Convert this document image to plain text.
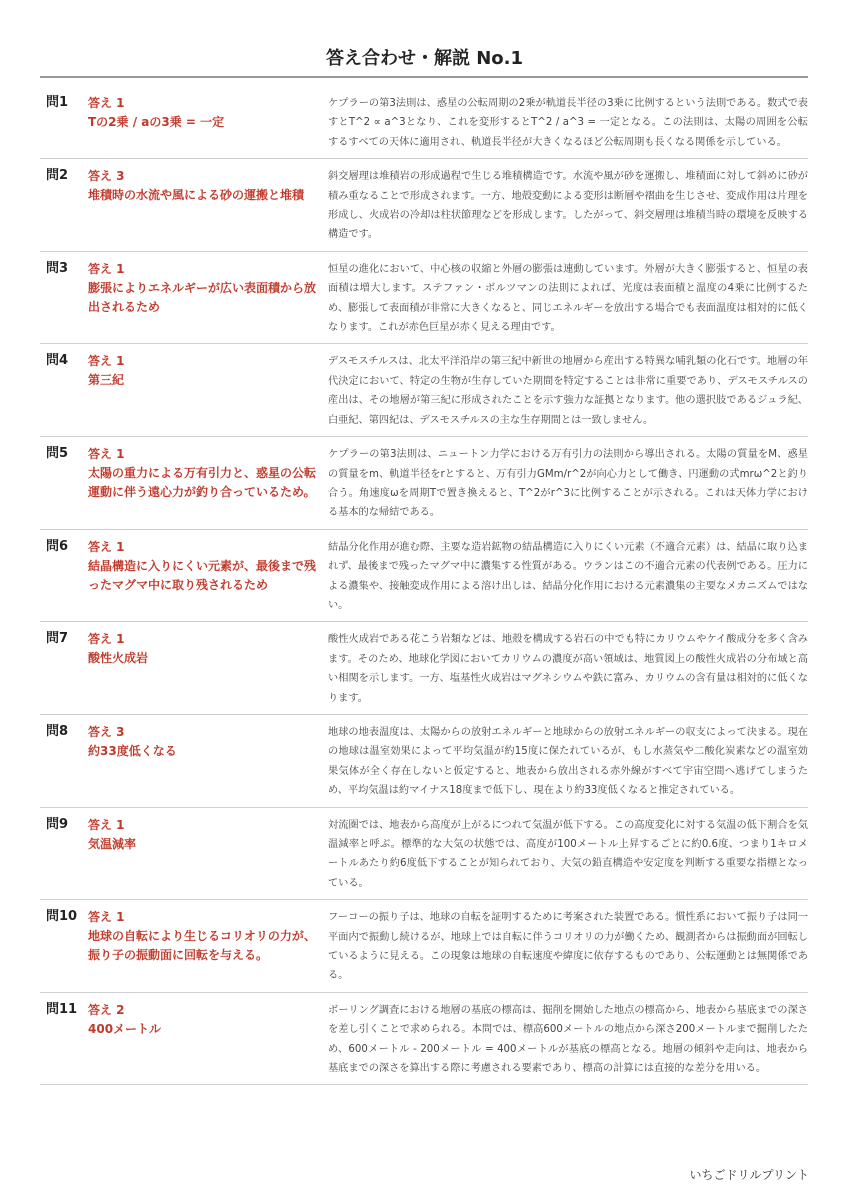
答え合わせ・解説 No.1
問1	答え 1
Tの2乗 / aの3乗 = 一定
ケプラーの第3法則は、惑星の公転周期の2乗が軌道長半径の3乗に比例するという法則である。数式で表すとT^2 ∝ a^3となり、これを変形するとT^2 / a^3 = 一定となる。この法則は、太陽の周囲を公転するすべての天体に適用され、軌道長半径が大きくなるほど公転周期も長くなる関係を示している。
問2	答え 3
堆積時の水流や風による砂の運搬と堆積
斜交層理は堆積岩の形成過程で生じる堆積構造です。水流や風が砂を運搬し、堆積面に対して斜めに砂が積み重なることで形成されます。一方、地殻変動による変形は断層や褶曲を生じさせ、変成作用は片理を形成し、火成岩の冷却は柱状節理などを形成します。したがって、斜交層理は堆積当時の環境を反映する構造です。
問3	答え 1
膨張によりエネルギーが広い表面積から放出されるため
恒星の進化において、中心核の収縮と外層の膨張は連動しています。外層が大きく膨張すると、恒星の表面積は増大します。ステファン・ボルツマンの法則によれば、光度は表面積と温度の4乗に比例するため、膨張して表面積が非常に大きくなると、同じエネルギーを放出する場合でも表面温度は相対的に低くなります。これが赤色巨星が赤く見える理由です。
問4	答え 1
第三紀
デスモスチルスは、北太平洋沿岸の第三紀中新世の地層から産出する特異な哺乳類の化石です。地層の年代決定において、特定の生物が生存していた期間を特定することは非常に重要であり、デスモスチルスの産出は、その地層が第三紀に形成されたことを示す強力な証拠となります。他の選択肢であるジュラ紀、白亜紀、第四紀は、デスモスチルスの主な生存期間とは一致しません。
問5	答え 1
太陽の重力による万有引力と、惑星の公転運動に伴う遠心力が釣り合っているため。
ケプラーの第3法則は、ニュートン力学における万有引力の法則から導出される。太陽の質量をM、惑星の質量をm、軌道半径をrとすると、万有引力GMm/r^2が向心力として働き、円運動の式mrω^2と釣り合う。角速度ωを周期Tで置き換えると、T^2がr^3に比例することが示される。これは天体力学における基本的な帰結である。
問6	答え 1
結晶構造に入りにくい元素が、最後まで残ったマグマ中に取り残されるため
結晶分化作用が進む際、主要な造岩鉱物の結晶構造に入りにくい元素（不適合元素）は、結晶に取り込まれず、最後まで残ったマグマ中に濃集する性質がある。ウランはこの不適合元素の代表例である。圧力による濃集や、接触変成作用による溶け出しは、結晶分化作用における元素濃集の主要なメカニズムではない。
問7	答え 1
酸性火成岩
酸性火成岩である花こう岩類などは、地殻を構成する岩石の中でも特にカリウムやケイ酸成分を多く含みます。そのため、地球化学図においてカリウムの濃度が高い領域は、地質図上の酸性火成岩の分布域と高い相関を示します。一方、塩基性火成岩はマグネシウムや鉄に富み、カリウムの含有量は相対的に低くなります。
問8	答え 3
約33度低くなる
地球の地表温度は、太陽からの放射エネルギーと地球からの放射エネルギーの収支によって決まる。現在の地球は温室効果によって平均気温が約15度に保たれているが、もし水蒸気や二酸化炭素などの温室効果気体が全く存在しないと仮定すると、地表から放出される赤外線がすべて宇宙空間へ逃げてしまうため、平均気温は約マイナス18度まで低下し、現在より約33度低くなると推定されている。
問9	答え 1
気温減率
対流圏では、地表から高度が上がるにつれて気温が低下する。この高度変化に対する気温の低下割合を気温減率と呼ぶ。標準的な大気の状態では、高度が100メートル上昇するごとに約0.6度、つまり1キロメートルあたり約6度低下することが知られており、大気の鉛直構造や安定度を判断する重要な指標となっている。
問10 答え 1
地球の自転により生じるコリオリの力が、振り子の振動面に回転を与える。
フーコーの振り子は、地球の自転を証明するために考案された装置である。慣性系において振り子は同一平面内で振動し続けるが、地球上では自転に伴うコリオリの力が働くため、観測者からは振動面が回転しているように見える。この現象は地球の自転速度や緯度に依存するものであり、公転運動とは無関係である。
問11 答え 2
400メートル
ボーリング調査における地層の基底の標高は、掘削を開始した地点の標高から、地表から基底までの深さを差し引くことで求められる。本問では、標高600メートルの地点から深さ200メートルまで掘削したため、600メートル - 200メートル = 400メートルが基底の標高となる。地層の傾斜や走向は、地表から基底までの深さを算出する際に考慮される要素であり、標高の計算には直接的な差分を用いる。
いちごドリルプリント
